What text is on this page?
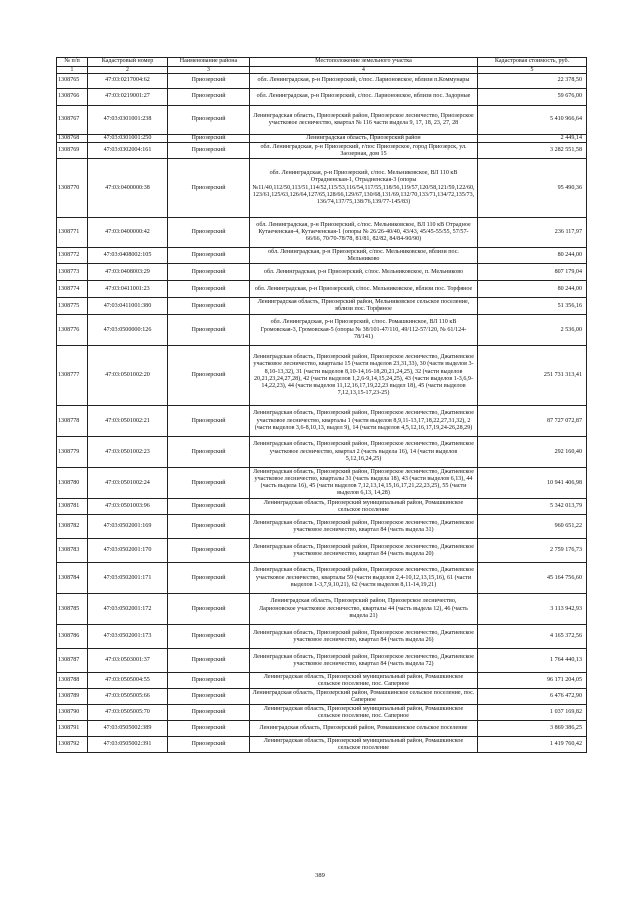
№ п/п	Кадастровый номер	Наименование района	Местоположение земельного участка	Кадастровая стоимость, руб.
1	2	3	4	5
1308765	47:03:0217004:62	Приозерский	обл. Ленинградская, р-н Приозерский, с/пос. Ларионовское, вблизи п.Коммунары	22 378,50
1308766	47:03:0219001:27	Приозерский	обл. Ленинградская, р-н Приозерский, с/пос. Ларионовское, вблизи пос. Задорные	59 676,00
1308767	47:03:0301001:238	Приозерский	Ленинградская область, Приозерский район, Приозерское лесничество, Приозерское участковое лесничество, квартал № 116 части выдела 9, 17, 18, 23, 27, 28	5 410 966,64
1308768	47:03:0301001:250	Приозерский	Ленинградская область, Приозерский район	2 449,14
1308769	47:03:0302004:161	Приозерский	обл. Ленинградская, р-н Приозерский, г/пос Приозерское, город Приозерск, ул. Заозерная, дом 15	3 282 551,58
1308770	47:03:0400000:38	Приозерский	обл. Ленинградская, р-н Приозерский, с/пос. Мельниковское, ВЛ 110 кВ Отрадненская-1, Отрадненская-3 (опоры №11/40,112/50,113/51,114/52,115/53,116/54,117/55,118/56,119/57,120/58,121/59,122/60,123/61,125/63,126/64,127/65,128/66,129/67,130/68,131/69,132/70,133/71,134/72,135/73,136/74,137/75,138/76,139/77-145/83)	95 490,36
1308771	47:03:0400000:42	Приозерский	обл. Ленинградская, р-н Приозерский, с/пос. Мельниковское, ВЛ 110 кВ Отрадное Кутаеченская-4, Кутаеченская-1 (опоры № 26/26-40/40, 43/43, 45/45-55/55, 57/57-66/66, 70/70-78/78, 81/81, 82/82, 84/84-90/90)	236 117,97
1308772	47:03:0408002:105	Приозерский	обл. Ленинградская, р-н Приозерский, с/пос. Мельниковское, вблизи пос. Мельниково	80 244,00
1308773	47:03:0408003:29	Приозерский	обл. Ленинградская, р-н Приозерский, с/пос. Мельниковское, п. Мельниково	807 179,04
1308774	47:03:0411001:23	Приозерский	обл. Ленинградская, р-н Приозерский, с/пос. Мельниковское, вблизи пос. Торфяное	80 244,00
1308775	47:03:0411001:380	Приозерский	Ленинградская область, Приозерский район, Мельниковское сельское поселение, вблизи пос. Торфяное	51 356,16
1308776	47:03:0500000:126	Приозерский	обл. Ленинградская, р-н Приозерский, с/пос. Ромашкинское, ВЛ 110 кВ Громовская-3, Громовская-5 (опоры № 38/101-47/110, 49/112-57/120, № 61/124-78/141)	2 536,00
1308777	47:03:0501002:20	Приозерский	Ленинградская область, Приозерский район, Приозерское лесничество, Джатиевское участковое лесничество, кварталы 15 (части выделов 23,31,33), 30 (части выделов 3-8,10-13,32), 31 (части выделов 8,10-14,16-18,20,21,24,25), 32 (части выделов 20,21,23,24,27,28), 42 (части выделов 1,2,6-9,14,15,24,25), 43 (части выделов 1-3,6,9-14,22,23), 44 (части выделов 11,12,16,17,19,22,23 выдел 18), 45 (части выделов 7,12,13,15-17,23-25)	251 731 313,41
1308778	47:03:0501002:21	Приозерский	Ленинградская область, Приозерский район, Приозерское лесничество, Джатиевское участковое лесничество, кварталы 1 (части выделов 8,9,11-13,17,18,22,27,31,32), 2 (части выделов 3,6-8,10,13, выдел 9), 14 (части выделов 4,5,12,16,17,19,24-26,28,29)	87 727 072,87
1308779	47:03:0501002:23	Приозерский	Ленинградская область, Приозерский район, Приозерское лесничество, Джатиевское участковое лесничество, квартал 2 (часть выдела 16), 14 (части выделов 5,12,16,24,25)	292 160,40
1308780	47:03:0501002:24	Приозерский	Ленинградская область, Приозерский район, Приозерское лесничество, Джатиевское участковое лесничество, кварталы 31 (часть выдела 18), 43 (части выделов 6,13), 44 (часть выдела 16), 45 (части выделов 7,12,13,14,15,16,17,21,22,23,25), 55 (части выделов 6,13, 14,28)	10 941 406,98
1308781	47:03:0501003:96	Приозерский	Ленинградская область, Приозерский муниципальный район, Ромашкинское сельское поселение	5 342 013,79
1308782	47:03:0502001:169	Приозерский	Ленинградская область, Приозерский район, Приозерское лесничество, Джатиевское участковое лесничество, квартал 84 (часть выдела 31)	960 651,22
1308783	47:03:0502001:170	Приозерский	Ленинградская область, Приозерский район, Приозерское лесничество, Джатиевское участковое лесничество, квартал 84 (часть выдела 20)	2 759 176,73
1308784	47:03:0502001:171	Приозерский	Ленинградская область, Приозерский район, Приозерское лесничество, Джатиевское участковое лесничество, кварталы 59 (части выделов 2,4-10,12,13,15,16), 61 (части выделов 1-3,7,9,10,21), 62 (части выделов 8,11-14,19,21)	45 164 756,60
1308785	47:03:0502001:172	Приозерский	Ленинградская область, Приозерский район, Приозерское лесничество, Ларионовское участковое лесничество, кварталы 44 (часть выдела 12), 46 (часть выдела 21)	3 113 942,93
1308786	47:03:0502001:173	Приозерский	Ленинградская область, Приозерский район, Приозерское лесничество, Джатиевское участковое лесничество, квартал 84 (часть выдела 26)	4 165 372,56
1308787	47:03:0503001:37	Приозерский	Ленинградская область, Приозерский район, Приозерское лесничество, Джатиевское участковое лесничество, квартал 84 (часть выдела 72)	1 764 440,13
1308788	47:03:0505004:55	Приозерский	Ленинградская область, Приозерский муниципальный район, Ромашкинское сельское поселение, пос. Саперное	96 171 204,05
1308789	47:03:0505005:66	Приозерский	Ленинградская область, Приозерский район, Ромашкинское сельское поселение, пос. Саперное	6 476 472,90
1308790	47:03:0505005:70	Приозерский	Ленинградская область, Приозерский муниципальный район, Ромашкинское сельское поселение, пос. Саперное	1 037 169,82
1308791	47:03:0505002:389	Приозерский	Ленинградская область, Приозерский район, Ромашкинское сельское поселение	3 869 386,25
1308792	47:03:0505002:391	Приозерский	Ленинградская область, Приозерский муниципальный район, Ромашкинское сельское поселение	1 419 760,42
389
